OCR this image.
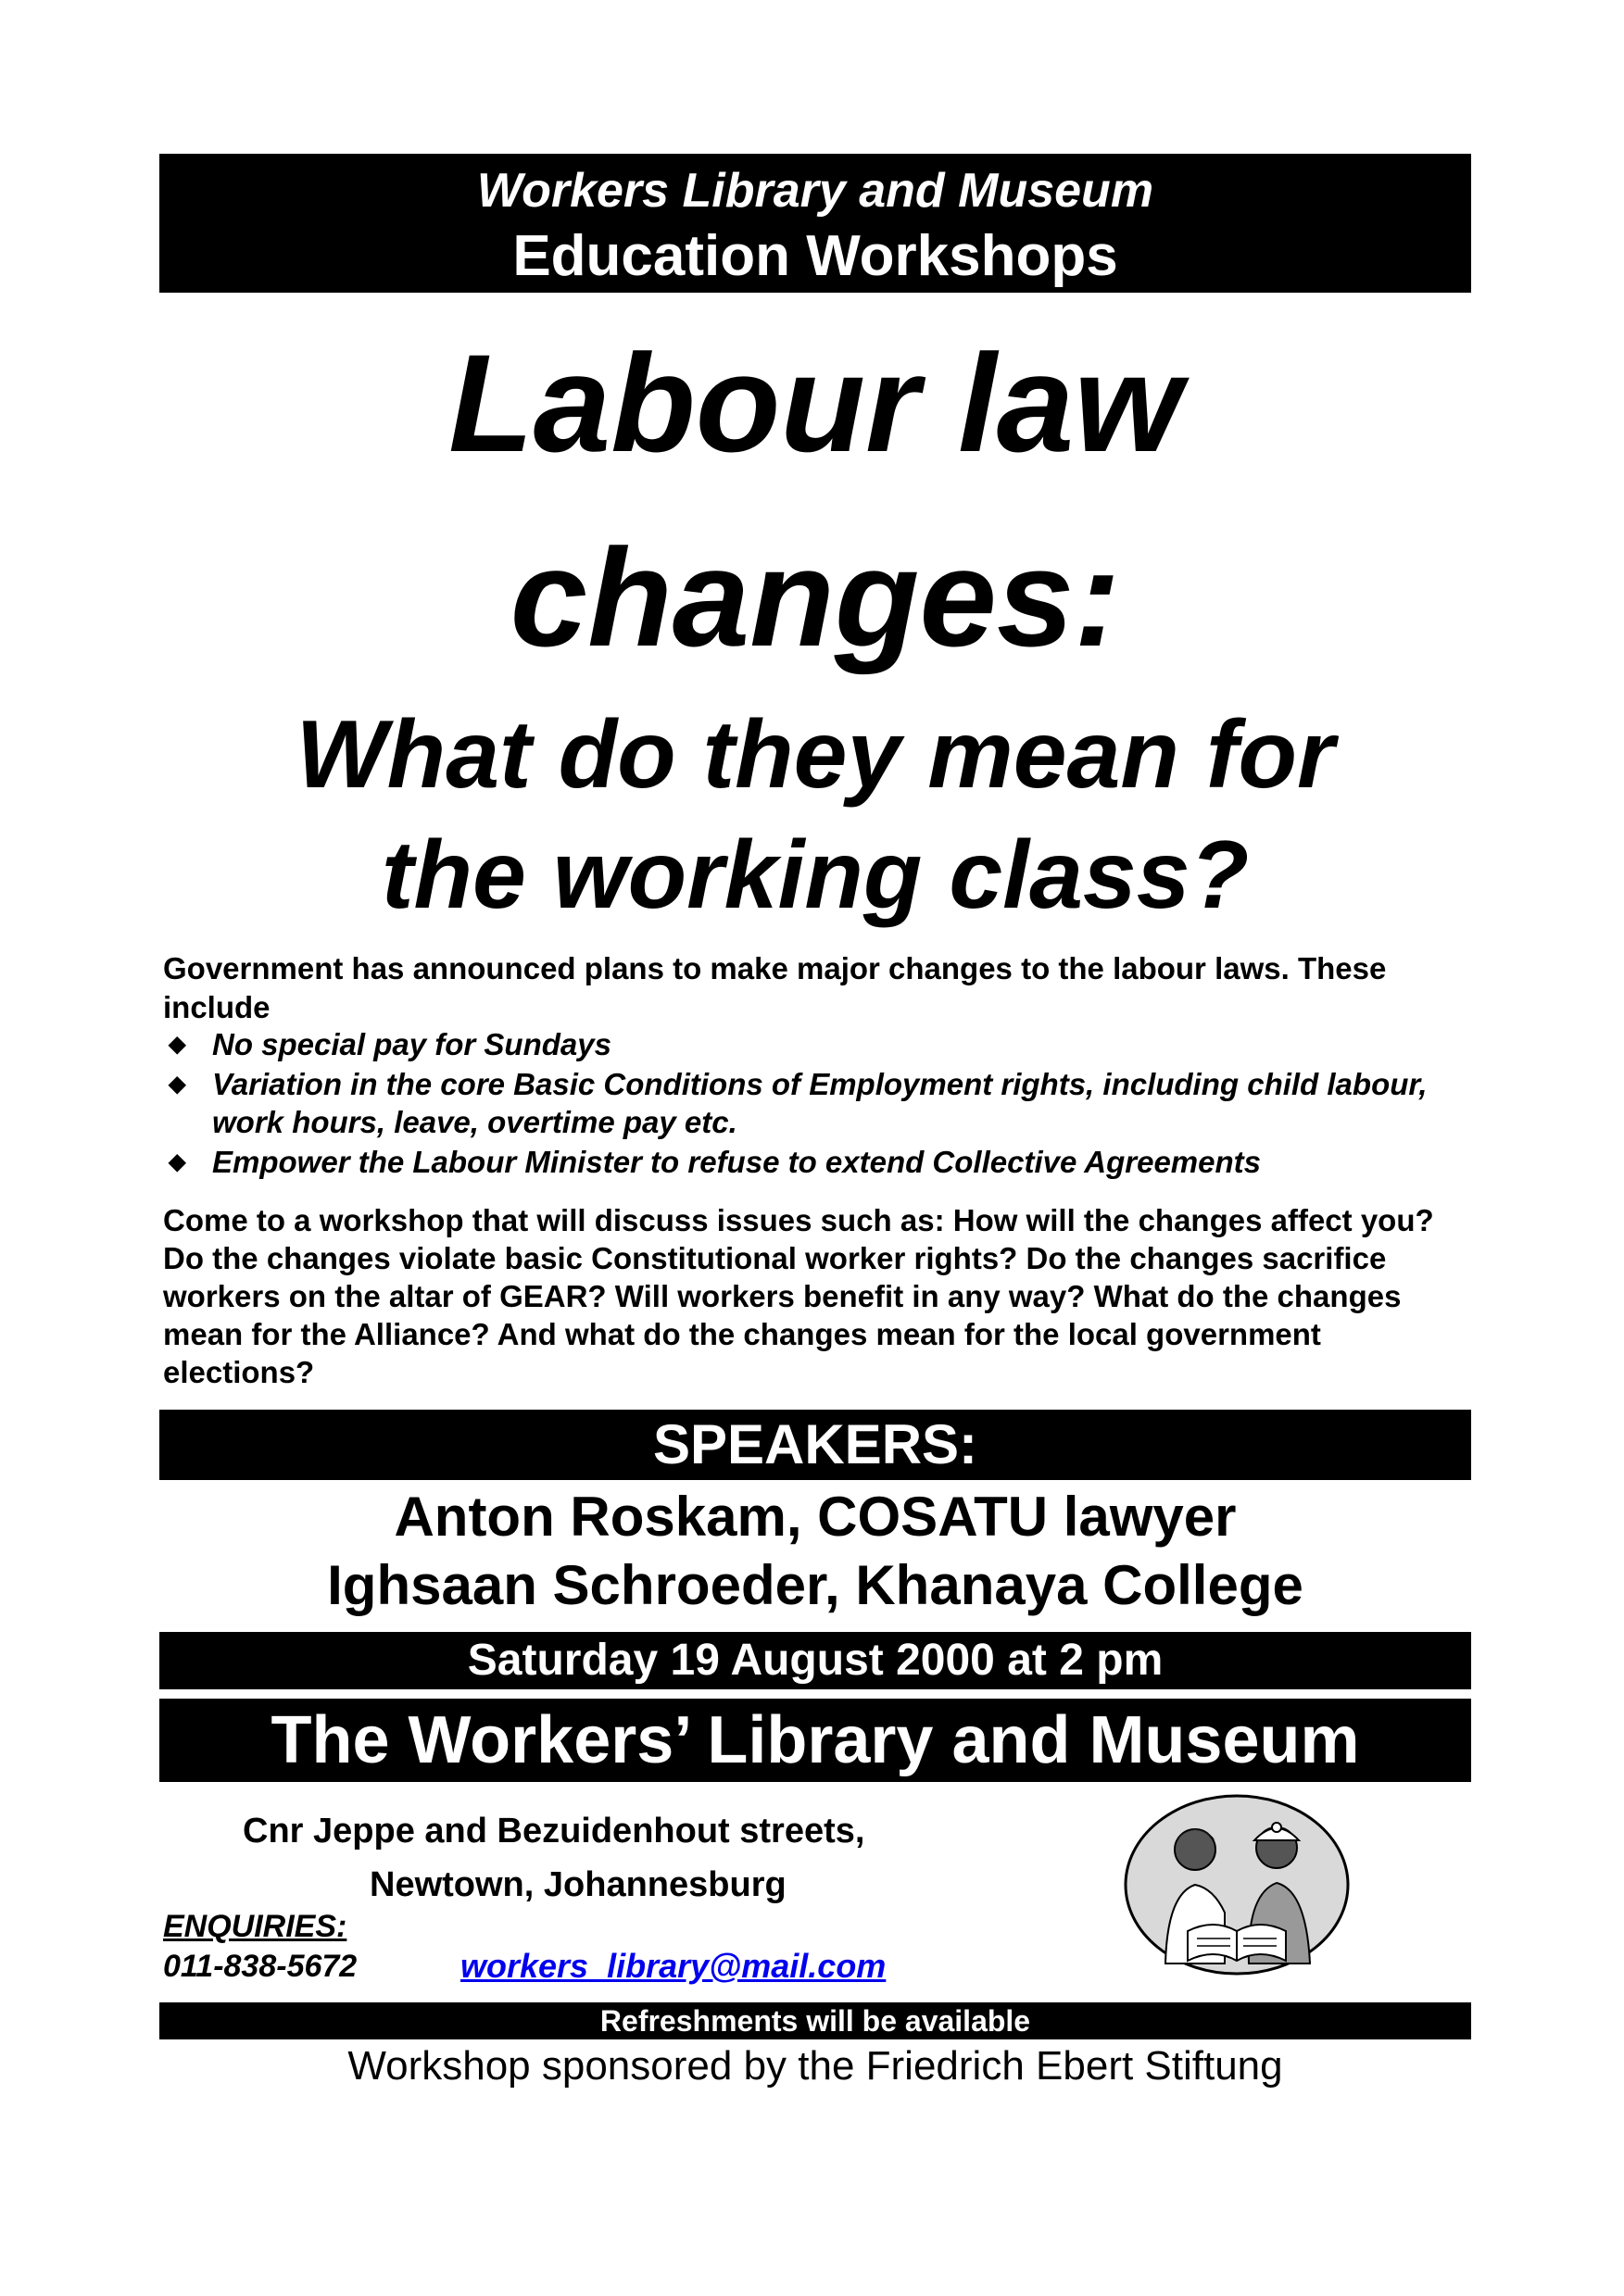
Workers Library and Museum
Education Workshops
Labour law
changes:
What do they mean for
the working class?
Government has announced plans to make major changes to the labour laws. These include
◆ No special pay for Sundays
◆ Variation in the core Basic Conditions of Employment rights, including child labour, work hours, leave, overtime pay etc.
◆ Empower the Labour Minister to refuse to extend Collective Agreements
Come to a workshop that will discuss issues such as: How will the changes affect you? Do the changes violate basic Constitutional worker rights? Do the changes sacrifice workers on the altar of GEAR? Will workers benefit in any way? What do the changes mean for the Alliance? And what do the changes mean for the local government elections?
SPEAKERS:
Anton Roskam, COSATU lawyer
Ighsaan Schroeder, Khanaya College
Saturday 19 August 2000 at 2 pm
The Workers’ Library and Museum
Cnr Jeppe and Bezuidenhout streets,
Newtown, Johannesburg
ENQUIRIES:
011-838-5672	workers_library@mail.com
Refreshments will be available
Workshop sponsored by the Friedrich Ebert Stiftung
